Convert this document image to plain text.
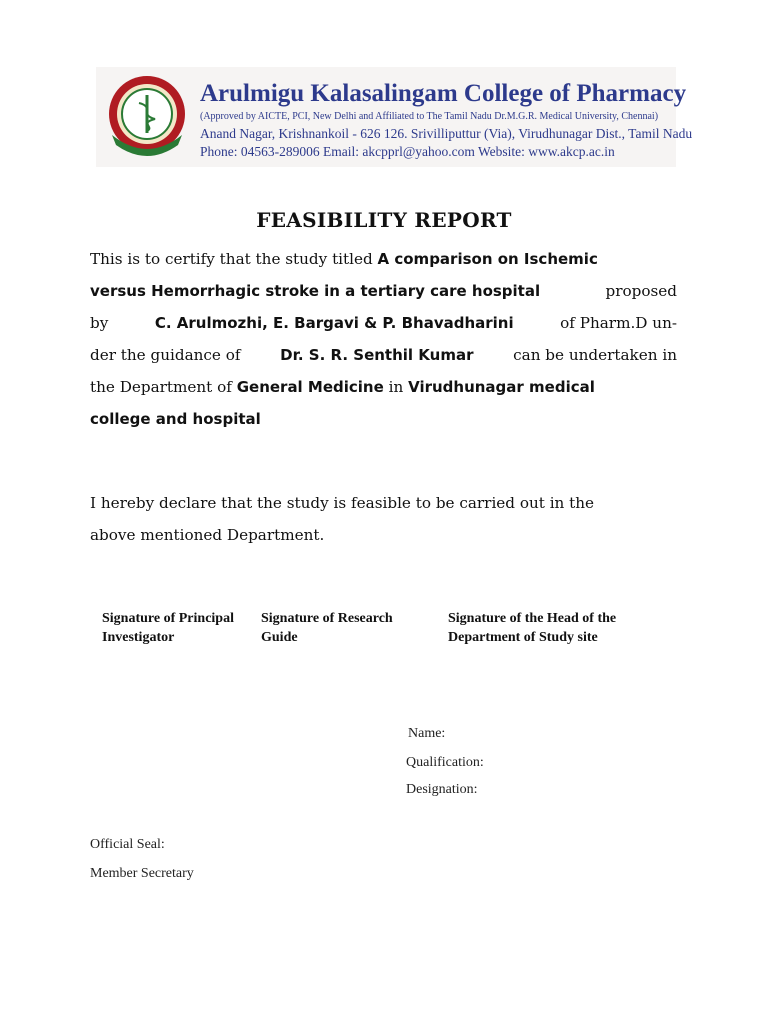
Arulmigu Kalasalingam College of Pharmacy
(Approved by AICTE, PCI, New Delhi and Affiliated to The Tamil Nadu Dr.M.G.R. Medical University, Chennai)
Anand Nagar, Krishnankoil - 626 126. Srivilliputtur (Via), Virudhunagar Dist., Tamil Nadu
Phone: 04563-289006 Email: akcpprl@yahoo.com Website: www.akcp.ac.in
FEASIBILITY REPORT
This is to certify that the study titled A comparison on Ischemic
versus Hemorrhagic stroke in a tertiary care hospital	proposed
by	C. Arulmozhi, E. Bargavi & P. Bhavadharini	of Pharm.D un-
der the guidance of	Dr. S. R. Senthil Kumar	can be undertaken in
the Department of General Medicine in Virudhunagar medical
college and hospital
I hereby declare that the study is feasible to be carried out in the
above mentioned Department.
Signature of Principal
Investigator
Signature of Research
Guide
Signature of the Head of the
Department of Study site
Name:
Qualification:
Designation:
Official Seal:
Member Secretary
